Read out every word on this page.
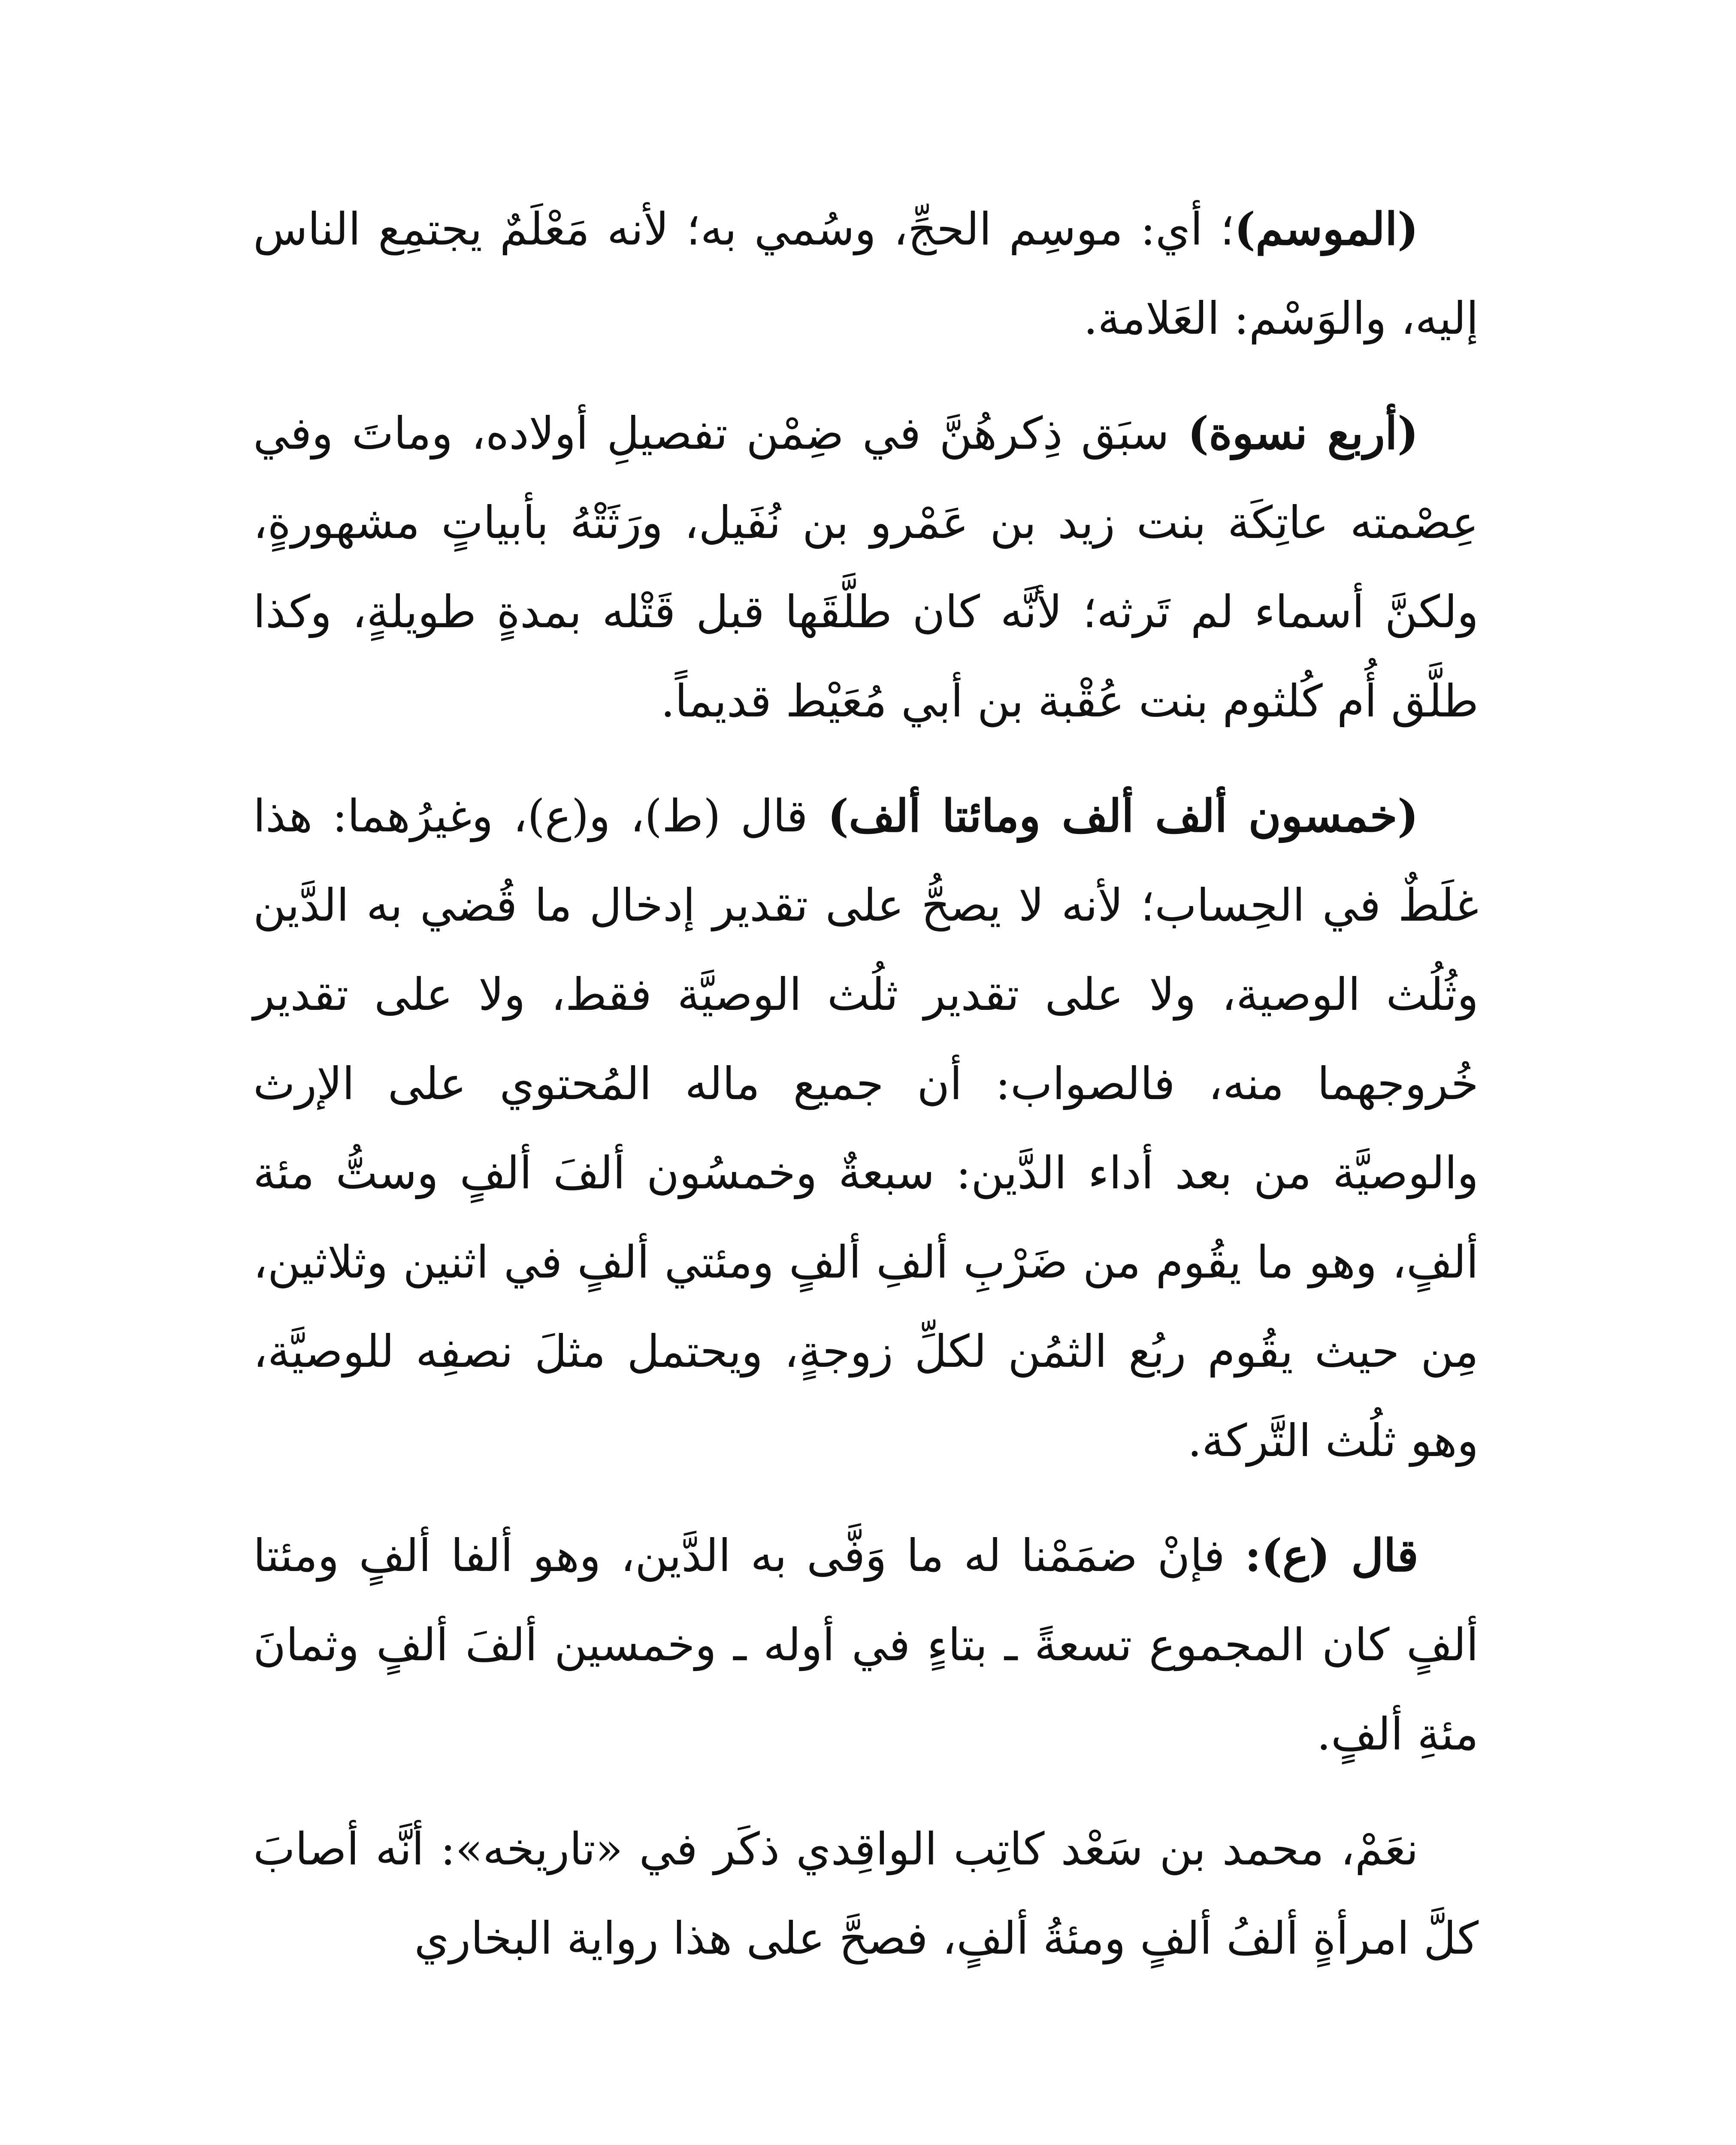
(الموسم)؛ أي: موسِم الحجِّ، وسُمي به؛ لأنه مَعْلَمٌ يجتمِع الناس إليه، والوَسْم: العَلامة.

(أربع نسوة) سبَق ذِكرهُنَّ في ضِمْن تفصيلِ أولاده، وماتَ وفي عِصْمته عاتِكَة بنت زيد بن عَمْرو بن نُفَيل، ورَثَتْهُ بأبياتٍ مشهورةٍ، ولكنَّ أسماء لم تَرثه؛ لأنَّه كان طلَّقَها قبل قَتْله بمدةٍ طويلةٍ، وكذا طلَّق أُم كُلثوم بنت عُقْبة بن أبي مُعَيْط قديماً.

(خمسون ألف ألف ومائتا ألف) قال (ط)، و(ع)، وغيرُهما: هذا غلَطٌ في الحِساب؛ لأنه لا يصحُّ على تقدير إدخال ما قُضي به الدَّين وثُلُث الوصية، ولا على تقدير ثلُث الوصيَّة فقط، ولا على تقدير خُروجهما منه، فالصواب: أن جميع ماله المُحتوي على الإرث والوصيَّة من بعد أداء الدَّين: سبعةٌ وخمسُون ألفَ ألفٍ وستُّ مئة ألفٍ، وهو ما يقُوم من ضَرْبِ ألفِ ألفٍ ومئتي ألفٍ في اثنين وثلاثين، مِن حيث يقُوم ربُع الثمُن لكلِّ زوجةٍ، ويحتمل مثلَ نصفِه للوصيَّة، وهو ثلُث التَّركة.

قال (ع): فإنْ ضمَمْنا له ما وَفَّى به الدَّين، وهو ألفا ألفٍ ومئتا ألفٍ كان المجموع تسعةً ـ بتاءٍ في أوله ـ وخمسين ألفَ ألفٍ وثمانَ مئةِ ألفٍ.

نعَمْ، محمد بن سَعْد كاتِب الواقِدي ذكَر في «تاريخه»: أنَّه أصابَ كلَّ امرأةٍ ألفُ ألفٍ ومئةُ ألفٍ، فصحَّ على هذا رواية البخاري
